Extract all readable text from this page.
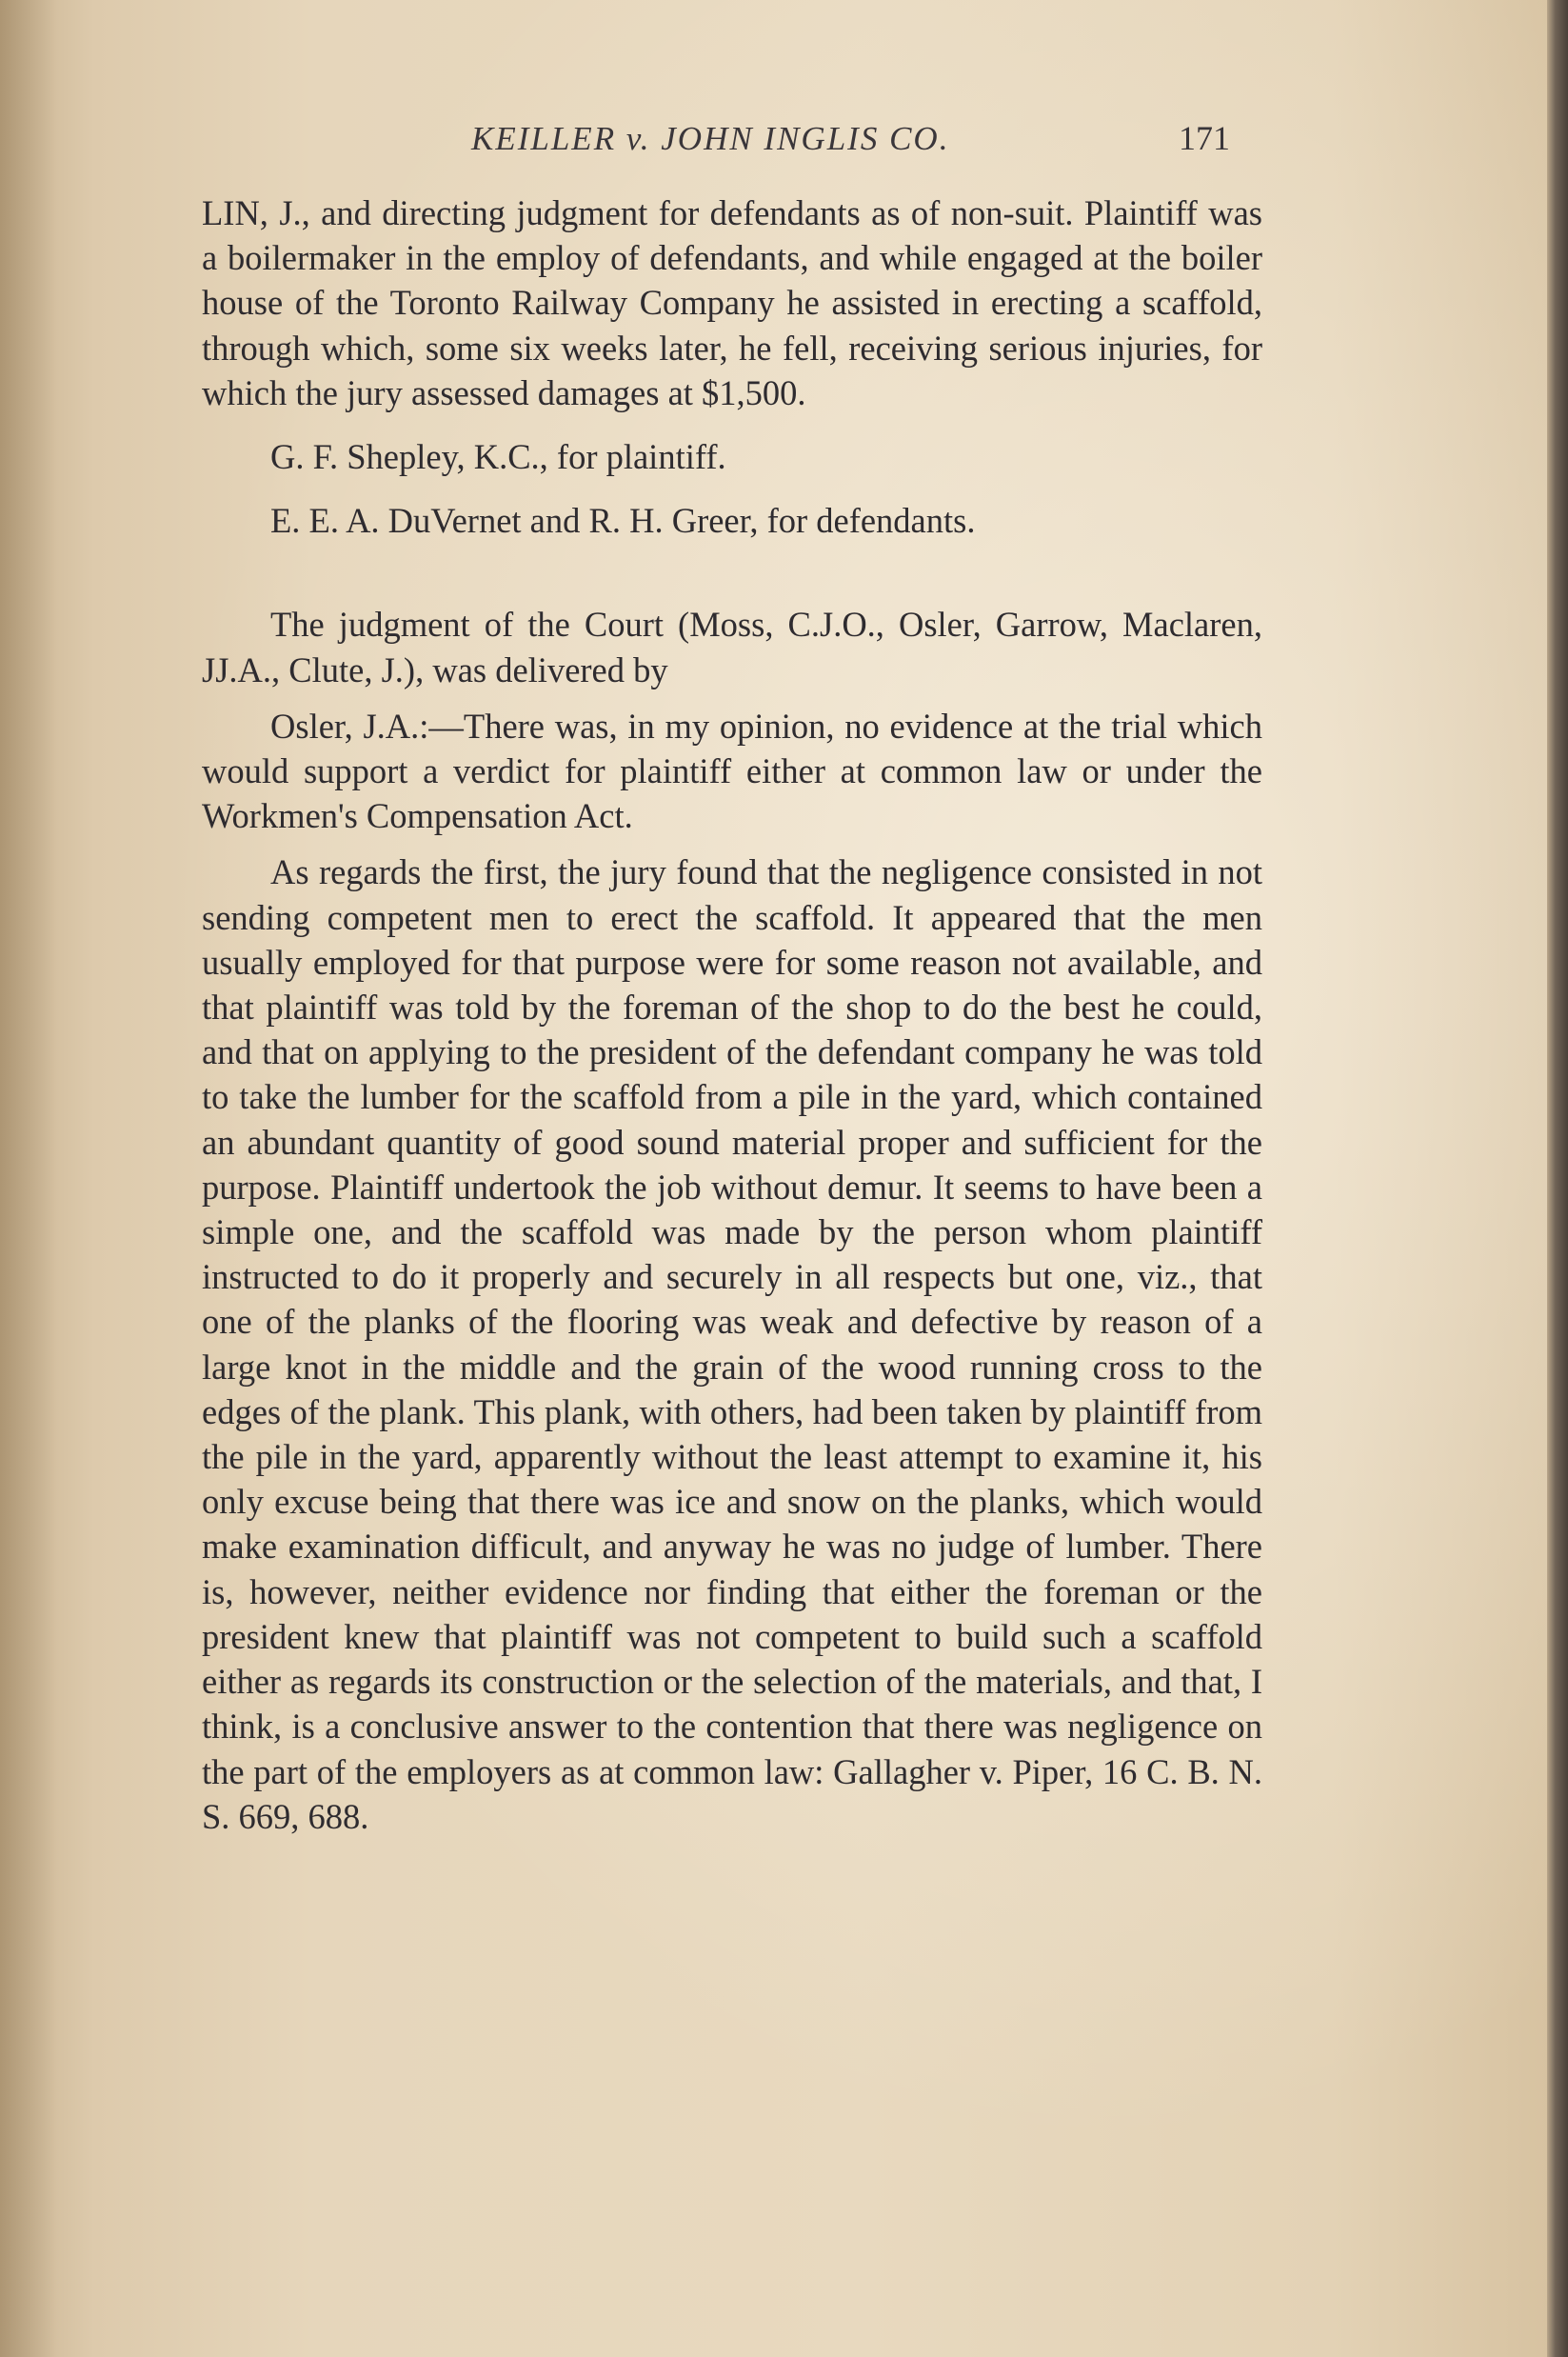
KEILLER v. JOHN INGLIS CO.	171

LIN, J., and directing judgment for defendants as of non-suit. Plaintiff was a boilermaker in the employ of defendants, and while engaged at the boiler house of the Toronto Railway Company he assisted in erecting a scaffold, through which, some six weeks later, he fell, receiving serious injuries, for which the jury assessed damages at $1,500.

G. F. Shepley, K.C., for plaintiff.

E. E. A. DuVernet and R. H. Greer, for defendants.

The judgment of the Court (Moss, C.J.O., Osler, Garrow, Maclaren, JJ.A., Clute, J.), was delivered by

Osler, J.A.:—There was, in my opinion, no evidence at the trial which would support a verdict for plaintiff either at common law or under the Workmen's Compensation Act.

As regards the first, the jury found that the negligence consisted in not sending competent men to erect the scaffold. It appeared that the men usually employed for that purpose were for some reason not available, and that plaintiff was told by the foreman of the shop to do the best he could, and that on applying to the president of the defendant company he was told to take the lumber for the scaffold from a pile in the yard, which contained an abundant quantity of good sound material proper and sufficient for the purpose. Plaintiff undertook the job without demur. It seems to have been a simple one, and the scaffold was made by the person whom plaintiff instructed to do it properly and securely in all respects but one, viz., that one of the planks of the flooring was weak and defective by reason of a large knot in the middle and the grain of the wood running cross to the edges of the plank. This plank, with others, had been taken by plaintiff from the pile in the yard, apparently without the least attempt to examine it, his only excuse being that there was ice and snow on the planks, which would make examination difficult, and anyway he was no judge of lumber. There is, however, neither evidence nor finding that either the foreman or the president knew that plaintiff was not competent to build such a scaffold either as regards its construction or the selection of the materials, and that, I think, is a conclusive answer to the contention that there was negligence on the part of the employers as at common law: Gallagher v. Piper, 16 C. B. N. S. 669, 688.
